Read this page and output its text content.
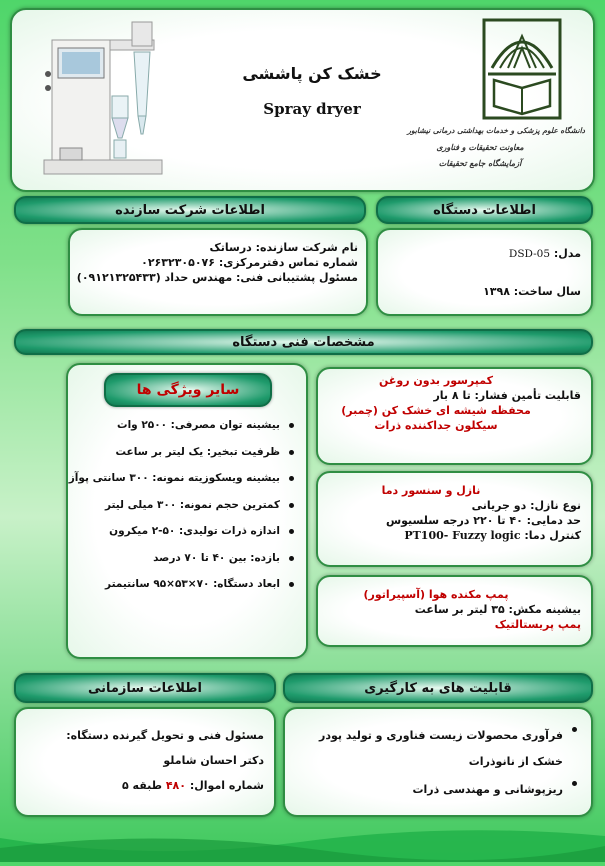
خشک کن پاششی
Spray dryer
دانشگاه علوم پزشکی و خدمات بهداشتی درمانی نیشابور
معاونت تحقیقات و فناوری
آزمایشگاه جامع تحقیقات
اطلاعات شرکت سازنده	اطلاعات دستگاه
نام شرکت سازنده: درساتک
شماره تماس دفترمرکزی: ۰۲۶۳۲۳۰۵۰۷۶
مسئول پشتیبانی فنی: مهندس حداد (۰۹۱۲۱۳۲۵۴۳۳)
مدل: DSD-05
سال ساخت: ۱۳۹۸
مشخصات فنی دستگاه
سایر ویژگی ها
بیشینه توان مصرفی: ۲۵۰۰ وات
ظرفیت تبخیر: یک لیتر بر ساعت
بیشینه ویسکوزیته نمونه: ۳۰۰ سانتی پوآز
کمترین حجم نمونه: ۳۰۰ میلی لیتر
اندازه ذرات تولیدی: ۵۰-۲ میکرون
بازده: بین ۴۰ تا ۷۰ درصد
ابعاد دستگاه: ۷۰×۵۳×۹۵ سانتیمتر
کمپرسور بدون روغن
قابلیت تأمین فشار: تا ۸ بار
محفظه شیشه ای خشک کن (چمبر)
سیکلون جداکننده ذرات
نازل و سنسور دما
نوع نازل: دو جریانی
حد دمایی: ۴۰ تا ۲۲۰ درجه سلسیوس
کنترل دما: PT100- Fuzzy logic
پمپ مکنده هوا (آسپیراتور)
بیشینه مکش: ۳۵ لیتر بر ساعت
پمپ پریستالتیک
اطلاعات سازمانی	قابلیت های به کارگیری
مسئول فنی و تحویل گیرنده دستگاه:
دکتر احسان شاملو
شماره اموال: ۴۸۰ طبقه ۵
فرآوری محصولات زیست فناوری و تولید پودر خشک از نانوذرات
ریزپوشانی و مهندسی ذرات
